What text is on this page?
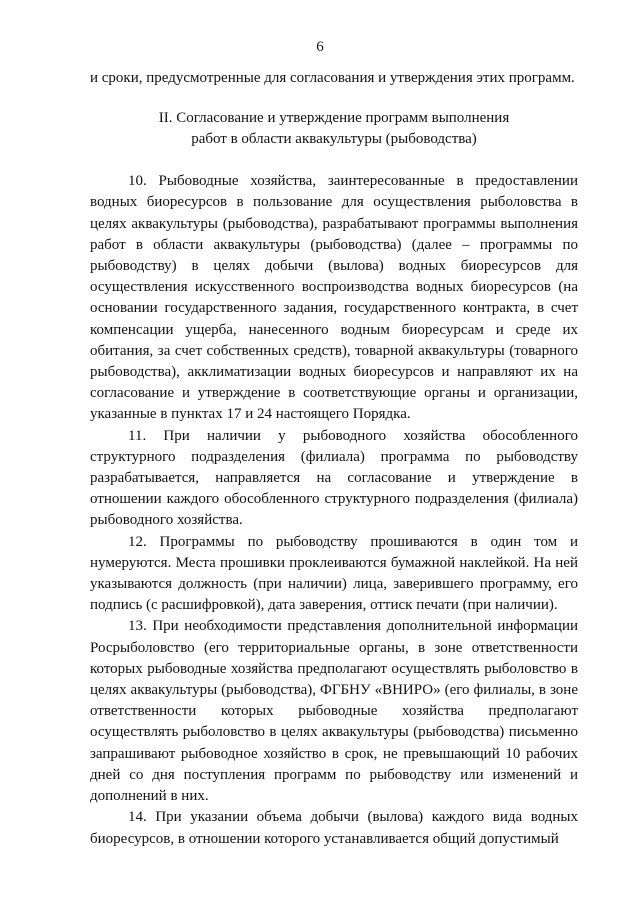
6

и сроки, предусмотренные для согласования и утверждения этих программ.

II. Согласование и утверждение программ выполнения
работ в области аквакультуры (рыбоводства)

10. Рыбоводные хозяйства, заинтересованные в предоставлении водных биоресурсов в пользование для осуществления рыболовства в целях аквакультуры (рыбоводства), разрабатывают программы выполнения работ в области аквакультуры (рыбоводства) (далее – программы по рыбоводству) в целях добычи (вылова) водных биоресурсов для осуществления искусственного воспроизводства водных биоресурсов (на основании государственного задания, государственного контракта, в счет компенсации ущерба, нанесенного водным биоресурсам и среде их обитания, за счет собственных средств), товарной аквакультуры (товарного рыбоводства), акклиматизации водных биоресурсов и направляют их на согласование и утверждение в соответствующие органы и организации, указанные в пунктах 17 и 24 настоящего Порядка.

11. При наличии у рыбоводного хозяйства обособленного структурного подразделения (филиала) программа по рыбоводству разрабатывается, направляется на согласование и утверждение в отношении каждого обособленного структурного подразделения (филиала) рыбоводного хозяйства.

12. Программы по рыбоводству прошиваются в один том и нумеруются. Места прошивки проклеиваются бумажной наклейкой. На ней указываются должность (при наличии) лица, заверившего программу, его подпись (с расшифровкой), дата заверения, оттиск печати (при наличии).

13. При необходимости представления дополнительной информации Росрыболовство (его территориальные органы, в зоне ответственности которых рыбоводные хозяйства предполагают осуществлять рыболовство в целях аквакультуры (рыбоводства), ФГБНУ «ВНИРО» (его филиалы, в зоне ответственности которых рыбоводные хозяйства предполагают осуществлять рыболовство в целях аквакультуры (рыбоводства) письменно запрашивают рыбоводное хозяйство в срок, не превышающий 10 рабочих дней со дня поступления программ по рыбоводству или изменений и дополнений в них.

14. При указании объема добычи (вылова) каждого вида водных биоресурсов, в отношении которого устанавливается общий допустимый
